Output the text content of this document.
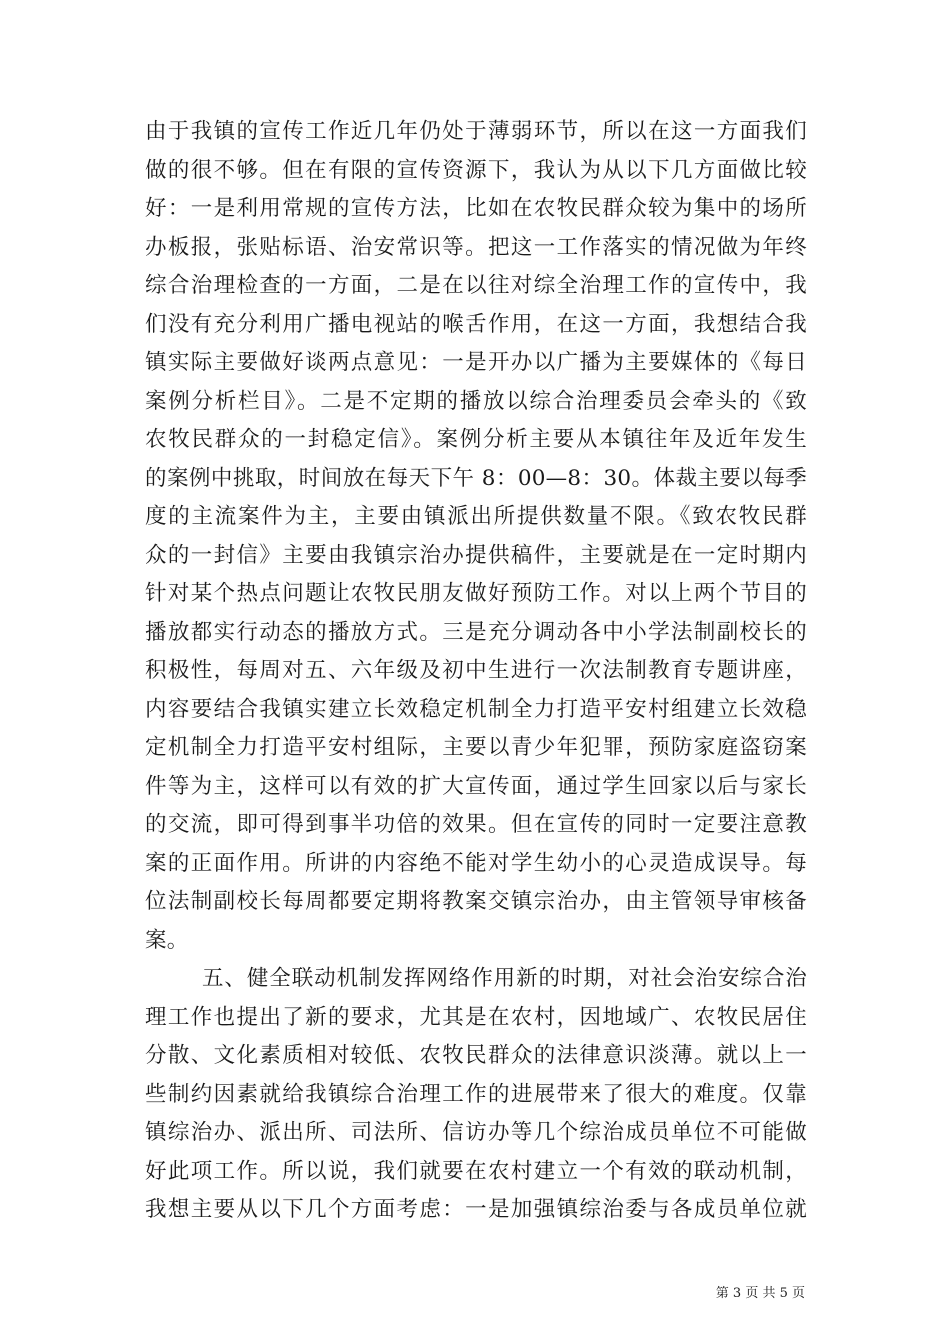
由于我镇的宣传工作近几年仍处于薄弱环节，所以在这一方面我们
做的很不够。但在有限的宣传资源下，我认为从以下几方面做比较
好：一是利用常规的宣传方法，比如在农牧民群众较为集中的场所
办板报，张贴标语、治安常识等。把这一工作落实的情况做为年终
综合治理检查的一方面，二是在以往对综全治理工作的宣传中，我
们没有充分利用广播电视站的喉舌作用，在这一方面，我想结合我
镇实际主要做好谈两点意见：一是开办以广播为主要媒体的《每日
案例分析栏目》。二是不定期的播放以综合治理委员会牵头的《致
农牧民群众的一封稳定信》。案例分析主要从本镇往年及近年发生
的案例中挑取，时间放在每天下午 8：00—8：30。体裁主要以每季
度的主流案件为主，主要由镇派出所提供数量不限。《致农牧民群
众的一封信》主要由我镇宗治办提供稿件，主要就是在一定时期内
针对某个热点问题让农牧民朋友做好预防工作。对以上两个节目的
播放都实行动态的播放方式。三是充分调动各中小学法制副校长的
积极性，每周对五、六年级及初中生进行一次法制教育专题讲座，
内容要结合我镇实建立长效稳定机制全力打造平安村组建立长效稳
定机制全力打造平安村组际，主要以青少年犯罪，预防家庭盗窃案
件等为主，这样可以有效的扩大宣传面，通过学生回家以后与家长
的交流，即可得到事半功倍的效果。但在宣传的同时一定要注意教
案的正面作用。所讲的内容绝不能对学生幼小的心灵造成误导。每
位法制副校长每周都要定期将教案交镇宗治办，由主管领导审核备
案。
五、健全联动机制发挥网络作用新的时期，对社会治安综合治
理工作也提出了新的要求，尤其是在农村，因地域广、农牧民居住
分散、文化素质相对较低、农牧民群众的法律意识淡薄。就以上一
些制约因素就给我镇综合治理工作的进展带来了很大的难度。仅靠
镇综治办、派出所、司法所、信访办等几个综治成员单位不可能做
好此项工作。所以说，我们就要在农村建立一个有效的联动机制，
我想主要从以下几个方面考虑：一是加强镇综治委与各成员单位就
第 3 页 共 5 页
